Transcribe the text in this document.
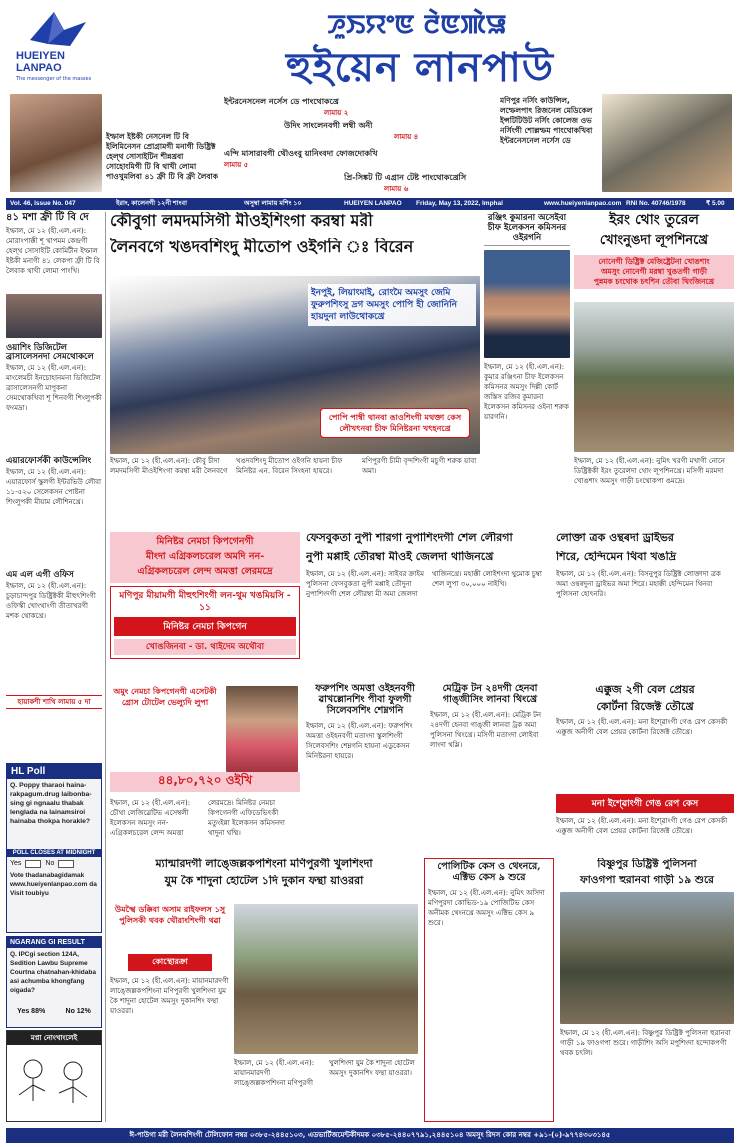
HUEIYEN LANPAO
The messenger of the masses
ꯍꯨꯏꯌꯦꯟ ꯂꯥꯟꯄꯥꯎ
হুইয়েন লানপাউ
ইম্ফাল ইষ্টকী নেসনেল টি বি ইলিমিনেসন প্রোগ্রামগী মনাগী ডিষ্ট্রিক্ট হেল্থ সোসাইটিন শীন্নখ্রবা সোহোংমিগী টি বি থাখী লোমা পাওখুমলিবা ৪১ ফ্রী টি বি ফ্রী লৈবাক
ইন্টরনেসনেল নর্সেস ডে পাংথোকখ্রে
লামায় ২
উদিং সাংলেনবগী লম্বী অনী
লামায় ৪
এন্দি মাসারাবগী থৌওংবু য়ানিংবদা ফোজদোকখি
লামায় ৫
প্রি-সিঙ্কট টি এগ্রান টেষ্ট পাংথোকখ্রেসি
লামায় ৬
মণিপুর নর্সিং কাউন্সিল, লম্ফেলপাৎ রিজনেল মেডিকেল ইন্সটিটিউট নর্সিং কোলেজ ওভ নর্সিংগী শোল্লম্ফম পাংথোকখিবা ইন্টরনেসনেল নর্সেস ডে
Vol. 46, Issue No. 047	ইরাং, কালেনগী ১২নী শাংবা	অসুম্বা লামায় মশিং ১০	HUEIYEN LANPAO Friday, May 13, 2022, Imphal	www.hueiyenlanpao.com RNI No. 40746/1978	₹ 5.00
৪১ মশা ফ্রী টি বি দে
ইম্ফাল, মে ১২ (হী.এল.এন): মোরাংপাক্কী শূ থাপমম কেন্দ্রগী হেল্থ সোসাইটি কোমিটীন ইম্ফাল ইষ্টকী মনাগী ৪১ লেকপা ফ্রী টি বি লৈবাক থাখী লোমা পাংখি।
ওয়াশিং ডিজিটেল ব্রাসালেসনদা সেমথোকলে
ইম্ফাল, মে ১২ (হী.এল.এন): মাংলেমচী ইনচোহানমনা ডিজিটেল ব্রাসালেসনগী মাপুকনা সেমথোকখিবা শূ শিনবগী শিংলুপকী ফংমদ্রা।
এয়ারফোর্সকী কাউন্সেলিং
ইম্ফাল, মে ১২ (হী.এল.এন): এয়ারফোর্স স্কুলগী ইন্টরভিউ লৌবা ১১-৫২০ সেলেকসন পোষ্টনা শিংলুপকী মীয়াম লৌশিনখ্রে।
এম এল এগী ওফিস
ইম্ফাল, মে ১২ (হী.এল.এন): চুড়াচান্দপুর ডিষ্ট্রিক্টকী মীহুৎশিংগী ওফিস্কী খোংথাংগী তীতাখরগী মশক থোকখ্রে।
হায়াকশী শাখি লামায় ৫ দা
HL Poll
Q. Poppy tharaoi haina-rakpagum.drug laibonba-sing gi ngnaalu thabak lenglada na lainamsiroi hainaba thokpa horakle?
POLL CLOSES AT MIDNIGHT
Yes	No
Vote thadanabagidamak www.hueiyenlanpao.com da Visit toubiyu
NGARANG GI RESULT
Q. IPCgi section 124A, Sedition Lawbu Supreme Courtna chatnahan-khidaba asi achumba khongfang oigada?
Yes 88%	No 12%
মপ্না নোংখাংলেই
কৌবুগা লমদমসিগী মীওইশিংগা করম্বা মরী
লৈনবগে খঙদবশিংদু মীতোপ ওইগনি ঃ বিরেন
ইনপুই, লিয়াংমাই, রোংমৈ অমসুং জেমি ফুরুপশিংসু দ্রগ অমসুং পোপি হী জোনিনি হায়দুনা লাউথোকখ্রে
পোপি পাম্বী থানবা ঙাওশিংগী মথক্তা কেস লৌখৎনবা চীফ মিনিষ্টরনা খৎহনখ্রে
ইম্ফাল, মে ১২ (হী.এল.এন): কৌবু চীদা লমদমসিগী মীওইশিংগা করম্বা মরী লৈনবগে খঙদবশিংদু মীতোপ ওইগনি হায়না চীফ মিনিষ্টর এন. বিরেন সিংহনা হায়রে। মণিপুরগী চীমী বৃন্দশিংগী মচুগী শরুক য়াবা অমা।
রঞ্জিৎ কুমারনা অসেইবা চীফ ইলেকসন কমিসনর ওইরগনি
ইম্ফাল, মে ১২ (হী.এল.এন): কুমার রঞ্জিৎনা চীফ ইলেকসন কমিসনর অমসুং দিল্লী কোর্ট জস্তিস রজিব কুমারনা ইলেকসন কমিসনর ওইনা শরুক য়ারগনি।
ইরং থোং তুরেল
খোংনুঙদা লূপশিনখ্রে
নোনেগী ডিষ্ট্রিক্ট মেজিষ্ট্রেটনা খোঙশাং
অমসুং নোনেগী মরম্বা খুঙতগী গাড়ী
পুন্নমক চংথোক চৎশিন তৌবা থিংজিনখ্রে
ইম্ফাল, মে ১২ (হী.এল.এন): নুমিৎ খরগী মখাগী নোনে ডিষ্ট্রিক্টকী ইরং তুরেলদা থোং লূপশিনখ্রে। মসিগী মরমদা খোঙশাং অমসুং গাড়ী চংথোকপা ঙমদ্রে।
মিনিষ্টর নেমচা কিপগেনগী
মীংদা এগ্রিকলচরেল অমদি নন-
এগ্রিকলচরেল লেন্দ অমত্তা লেরমদ্রে
মণিপুর মীয়ামগী মীহুৎশিংগী লন-থুম খঙমিয়সি - ১১
মিনিষ্টর নেমচা কিপগেন
খোঙজিনবা - ডা. থাইদেম অথৌবা
অমুং নেমচা কিপগেনগী এসেটকী গ্রোস টোটেল ভেল্যুদি লুপা
৪৪,৮০,৭২০ ওইখি
ইম্ফাল, মে ১২ (হী.এল.এন): চৌথা লেজিস্লেটিভ এসেম্বলী ইলেকসন অমসুং নন-এগ্রিকলচরেল লেন্দ অমত্তা লেরমদ্রে। মিনিষ্টর নেমচা কিপগেনগী এফিডেভিৎকী মতুংইন্না ইলেকসন কমিসনদা থাদুনা থম্মি।
ফেসবুকতা নুপী শারগা নুপাশিংদগী শেল লৌরগা
নুপী মপ্পাই তৌরম্বা মীওই জেলদা থাজিনখ্রে
ইম্ফাল, মে ১২ (হী.এল.এন): সাইবর ক্রাইম পুলিসনা ফেসবুকতা নুপী মপ্পাই তৌদুনা নুপাশিংদগী শেল লৌরম্বা মী অমা জেলদা থাজিনখ্রে। মহাক্কী লোইশংদা থুমোক চুম্বা শেল লুপা ৩০,০০০ নাইখি।
লোক্তা ত্রক ওন্থৰদা ড্রাইভর
শিরে, হেন্দিমেন থিবা খঙদ্রি
ইম্ফাল, মে ১২ (হী.এল.এন): বিসনুপুর ডিষ্ট্রিক্ট লোক্তাদা ত্রক অমা ওন্থৰদুনা ড্রাইভর অমা শিরে। মহাক্কী হেন্দিমেন থিনবা পুলিসনা হোৎনরি।
ফরুপশিং অমত্তা ওইহনবগী
ৱাখল্লোনশিং পীবা ফুলগী
সিলেবসশিং শেম্নগনি
ইম্ফাল, মে ১২ (হী.এল.এন): ফরুপশিং অমত্তা ওইহনবগী মতাংদা স্কুলশিংগী সিলেবসশিং শেম্নগনি হায়না এডুকেসন মিনিষ্টরনা হায়রে।
মেট্রিক টন ২৪দগী হেনবা
গাঙ্জীসিং লানবা থিংখ্রে
ইম্ফাল, মে ১২ (হী.এল.এন): মেট্রিক টন ২৪দগী হেনবা গাঙ্জী লানবা ট্রক অমা পুলিসনা থিংখ্রে। মসিগী মতাংদা লোইবা লাংদা থম্লি।
এক্কুজ ২গী বেল প্রেয়র
কোর্টনা রিজেক্ট তৌখ্রে
ইম্ফাল, মে ১২ (হী.এল.এন): মনা ইশ্ৱোংগী গেঙ রেপ কেসকী এক্কুজ অনীগী বেল প্রেয়র কোর্টনা রিজেক্ট তৌখ্রে।
মনা ইশ্ৱোংগী গেঙ রেপ কেস
ইম্ফাল, মে ১২ (হী.এল.এন): মনা ইশ্ৱোংগী গেঙ রেপ কেসকী এক্কুজ অনীগী বেল প্রেয়র কোর্টনা রিজেক্ট তৌখ্রে।
ম্যান্মারদগী লাঙ্জেল্লকপশিংনা মণিপুরগী খুলশিংদা
যুম কৈ শাদুনা হোটেল ১দি দুকান ফন্থা য়াওররা
উমস্খৈ ডক্কিবা অসাম রাইফলস ১সু পুলিসকী থবক থৌরাংশিংগী থৱা
কোম্থোরক্রা
ইম্ফাল, মে ১২ (হী.এল.এন): মায়ানমারদগী লাঙ্জেল্লকপশিংনা মণিপুরগী খুলশিংদা যুম কৈ শাদুনা হোটেল অমসুং দুকানশিং ফন্থা য়াওররা।
ইম্ফাল, মে ১২ (হী.এল.এন): মায়ানমারদগী লাঙ্জেল্লকপশিংনা মণিপুরগী খুলশিংদা যুম কৈ শাদুনা হোটেল অমসুং দুকানশিং ফন্থা য়াওররা।
পোলিটিক কেস ও থেংনরে,
এক্টিভ কেস ৯ শুরে
ইম্ফাল, মে ১২ (হী.এল.এন): নুমিৎ অসিদা মণিপুরদা কোভিড-১৯ পোজিটিভ কেস অনীমক থেংনখ্রে অমসুং এক্টিভ কেস ৯ শুরে।
বিষ্ণুপুর ডিষ্ট্রিক্ট পুলিসনা
ফাওগপা হুরানবা গাড়ী ১৯ শুরে
ইম্ফাল, মে ১২ (হী.এল.এন): বিষ্ণুপুর ডিষ্ট্রিক্ট পুলিসনা হুরানবা গাড়ী ১৯ ফাওগপা শুরে। গাড়ীশিং অসি মপুশিংদা হন্দোকপগী থবক চৎলি।
ঈ-পাউগা মরী লৈনবশিংগী টেলিফোন নম্বর ০৩৮৫-২৪৪৫১০৩, এডভার্টিজমেন্টকীদমক ০৩৮৫-২৪৪০৭৭৯১,২৪৪৫১০৪ অমসুং রিদস কোর নম্বর +৯১-(০)-৯৭৭৪৩০৩১৪৫
